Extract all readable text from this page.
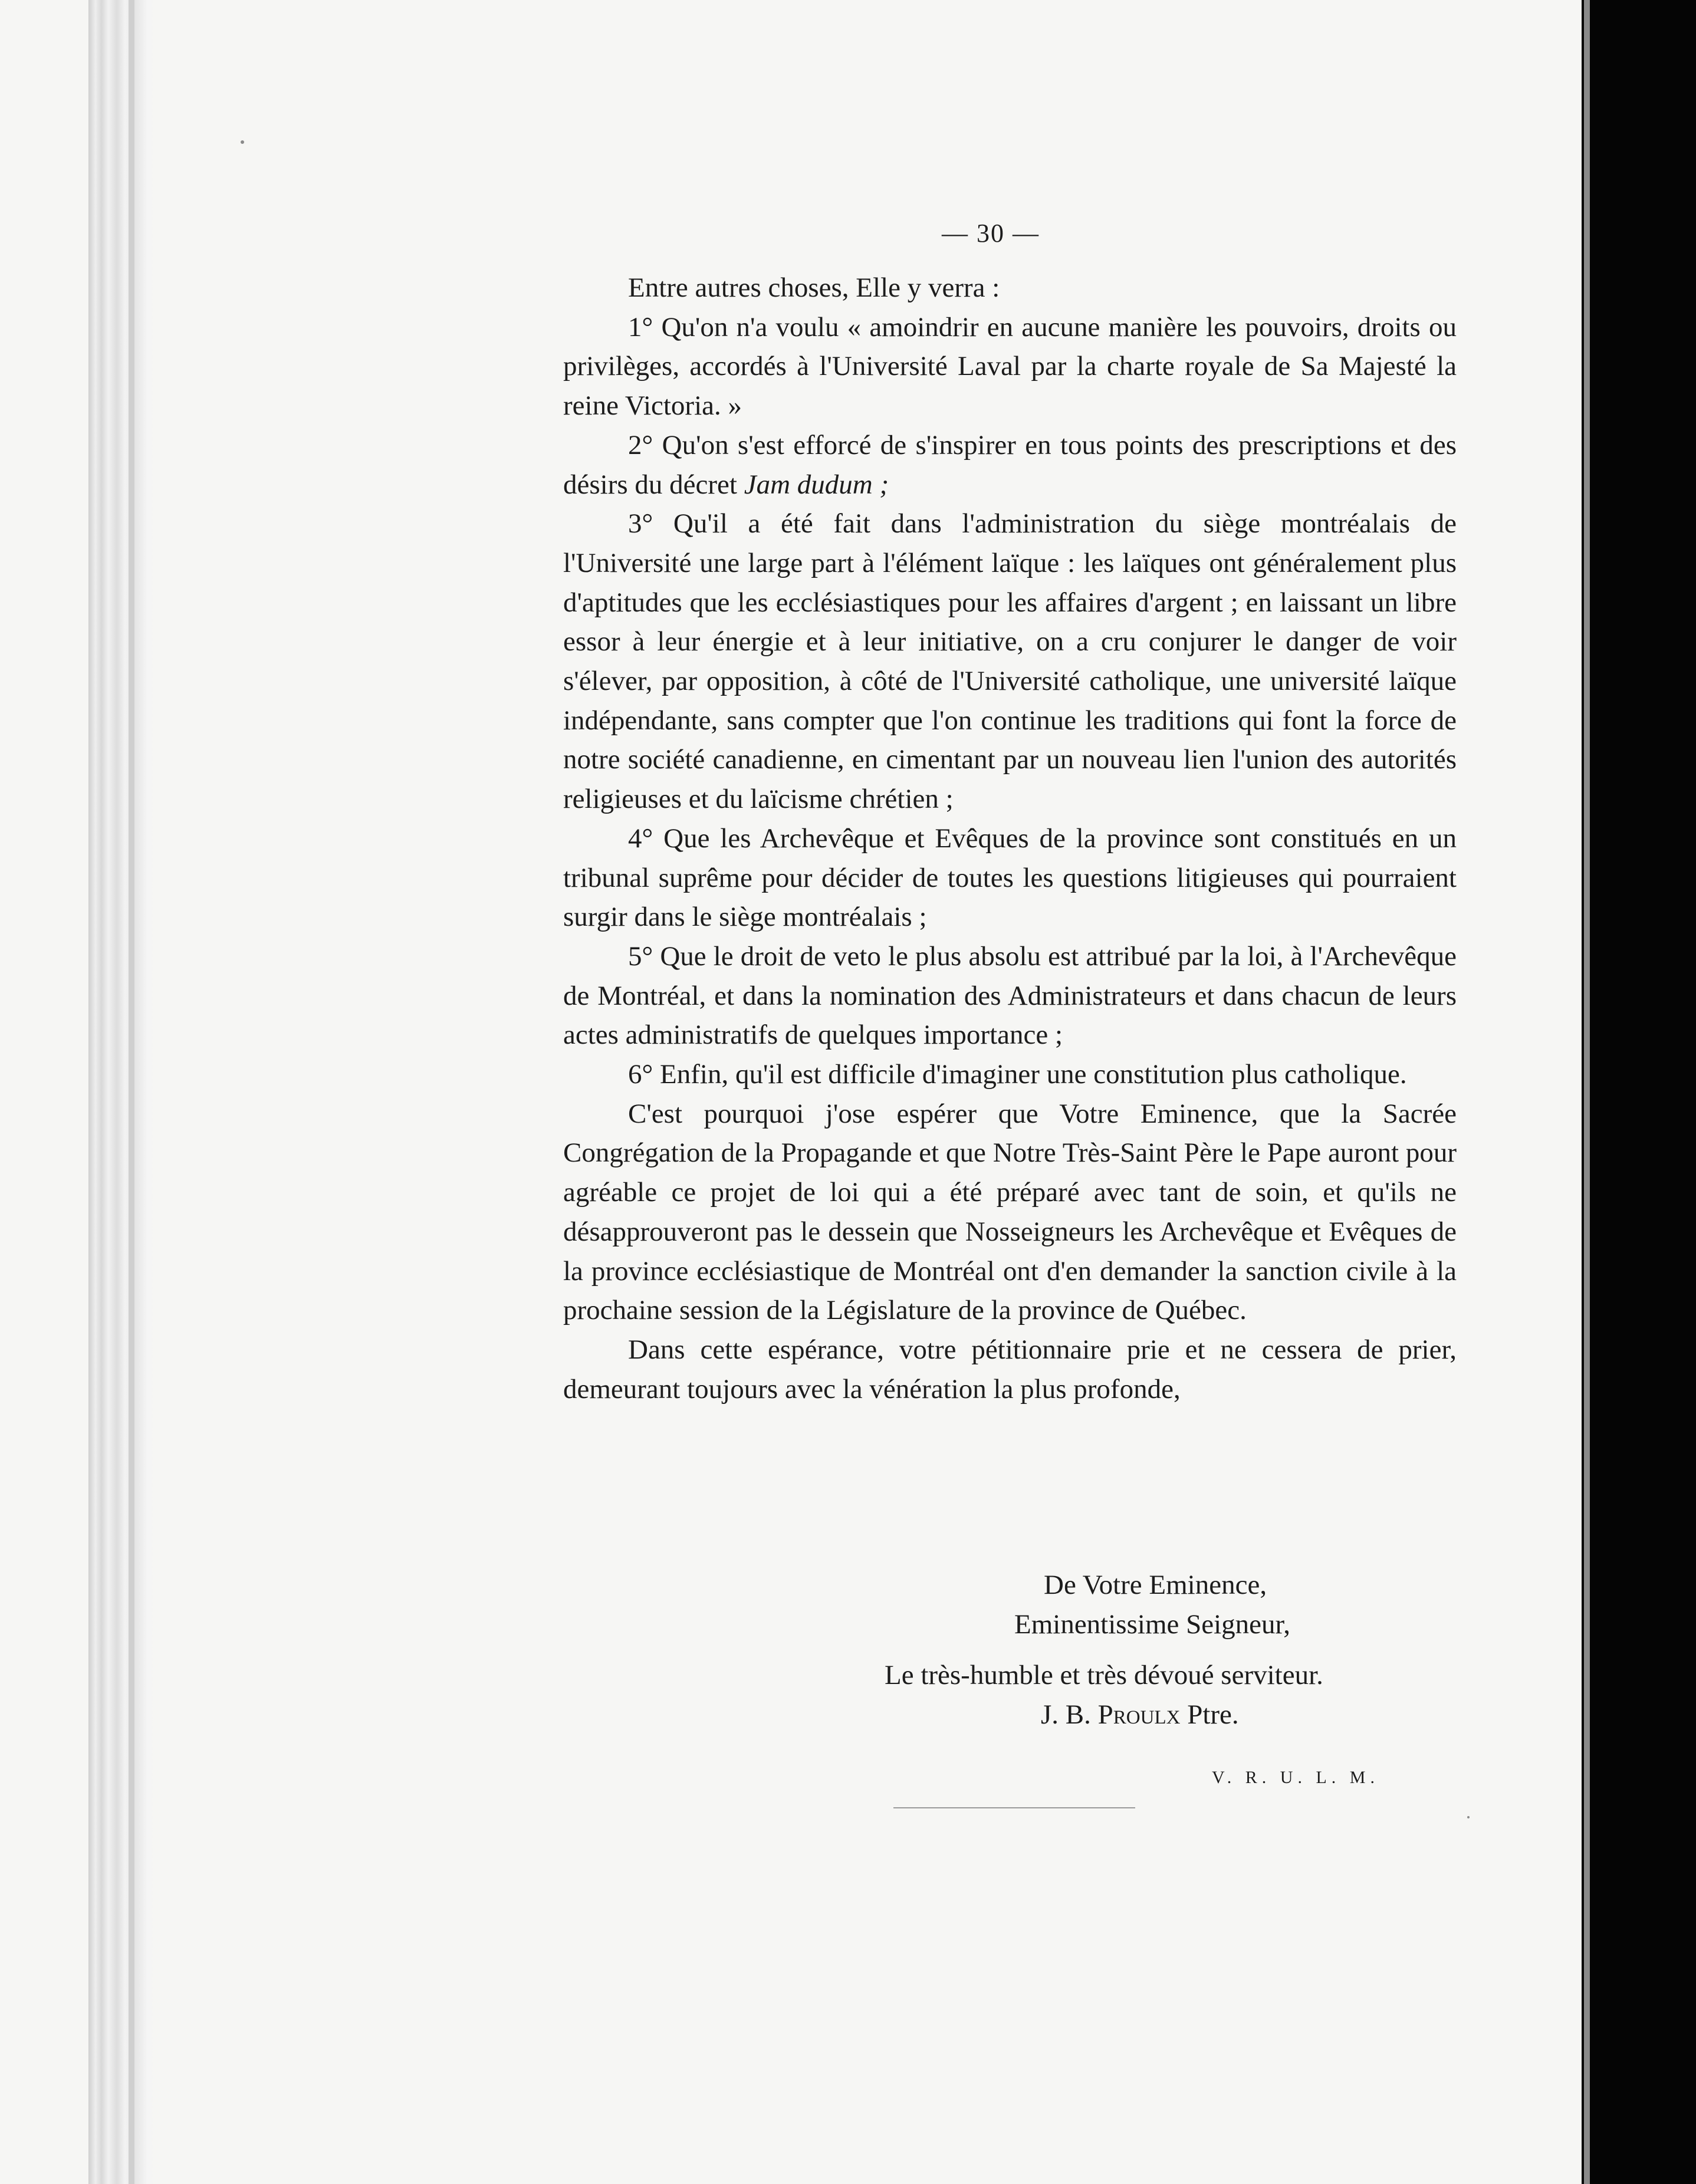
— 30 —

Entre autres choses, Elle y verra :

1° Qu'on n'a voulu « amoindrir en aucune manière les pouvoirs, droits ou privilèges, accordés à l'Université Laval par la charte royale de Sa Majesté la reine Victoria. »

2° Qu'on s'est efforcé de s'inspirer en tous points des prescriptions et des désirs du décret Jam dudum ;

3° Qu'il a été fait dans l'administration du siège montréalais de l'Université une large part à l'élément laïque : les laïques ont généralement plus d'aptitudes que les ecclésiastiques pour les affaires d'argent ; en laissant un libre essor à leur énergie et à leur initiative, on a cru conjurer le danger de voir s'élever, par opposition, à côté de l'Université catholique, une université laïque indépendante, sans compter que l'on continue les traditions qui font la force de notre société canadienne, en cimentant par un nouveau lien l'union des autorités religieuses et du laïcisme chrétien ;

4° Que les Archevêque et Evêques de la province sont constitués en un tribunal suprême pour décider de toutes les questions litigieuses qui pourraient surgir dans le siège montréalais ;

5° Que le droit de veto le plus absolu est attribué par la loi, à l'Archevêque de Montréal, et dans la nomination des Administrateurs et dans chacun de leurs actes administratifs de quelques importance ;

6° Enfin, qu'il est difficile d'imaginer une constitution plus catholique.

C'est pourquoi j'ose espérer que Votre Eminence, que la Sacrée Congrégation de la Propagande et que Notre Très-Saint Père le Pape auront pour agréable ce projet de loi qui a été préparé avec tant de soin, et qu'ils ne désapprouveront pas le dessein que Nosseigneurs les Archevêque et Evêques de la province ecclésiastique de Montréal ont d'en demander la sanction civile à la prochaine session de la Législature de la province de Québec.

Dans cette espérance, votre pétitionnaire prie et ne cessera de prier, demeurant toujours avec la vénération la plus profonde,

De Votre Eminence,
Eminentissime Seigneur,
Le très-humble et très dévoué serviteur.
J. B. Proulx Ptre.
V. R. U. L. M.
